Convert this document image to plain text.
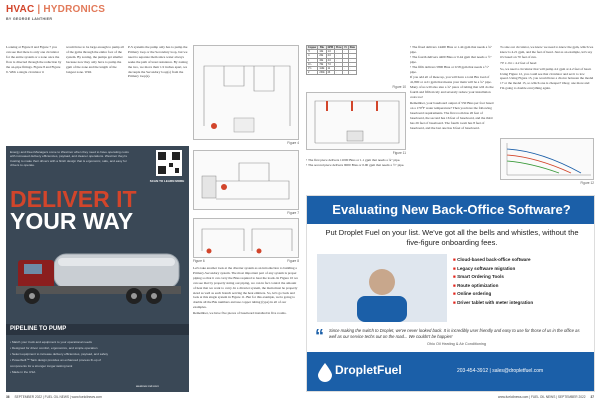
HVAC | HYDRONICS
BY GEORGE LANTHIER
Looking at Figure 6 and Figure 7 you can see that there is only one circulator for the entire system or a zone once the flow is directed through the reduction by the on-pipe fittings. Figure 8 and Figure 9. With a single circulator it
would have to be large enough to pump all of the gpms through the entire foot of the system. By zoning, the pumps get smaller because now they only have to pump the gpm of the zone and the length of the longest zone. With
P-S systems the pump only has to pump the Primary loop or the Secondary loop, but we need to separate them since water always seeks the path of least resistance. By zoning the two, we move their 1/2 inches apart, we decouple the Secondary loop(s) from the Primary loop(s).
Figure 4
Figure 7
Figure 6	Figure 8
Let's take another look at the diverter system as an introduction to building a Primary-Secondary system. The most important part of any system is proper piping so that it can carry the Btus required to heat the loads. In Figure 10 we can see that by properly sizing our piping, we can in fact control the amount of heat that we want to carry. In a diverter system, the main must be properly sized as well as each branch serving the heat emitters. So, let's go back and look at this single system in Figure 11. But for this example, we're going to double all the Btu numbers and use copper tubing (type) in all of our examples.
Remember, we have five pieces of baseboard installed in five rooms.
Energy and Fleet Managers come to Westmor when they need to have operating costs with increased delivery efficiencies, payload, and cleaner operations. Westmor they're trusting to make their drivers with a finish design that is ergonomic, safe, and easy for drivers to operate.
SCAN TO LEARN MORE
DELIVER IT
YOUR WAY
PIPELINE TO PUMP
• Match your truck and equipment to your operational needs
• Designed for driver comfort, ergonomics, and simple operation
• Select equipment to increase delivery efficiencies, payload, and safety
• Powerbuilt™ Tank design provides an enhanced process fit-up of
components for a stronger longer-lasting tank
• Made in the USA
westmor-ind.com
Copper	Btu	GPM	Flow	Ft	Rate
½	10k	1.0	.	.	.
¾	20k	2.0	.	.	.
1	40k	4.0	.	.	.
1¼	70k	7.0	.	.	.
1½	110k	11	.	.	.
2	230k	23	.	.	.
Figure 10
Figure 11
• The first piece delivers 11000 Btus or 1.1 gpm that needs a ¾" pipe.
• The second piece delivers 9000 Btus or 0.90 gpm that needs a ½" pipe.
• The fixed delivers 14400 Btus or 1.44 gpm that needs a ¾" pipe.
• The fourth delivers 4400 Btus or 0.44 gpm that needs a ½" pipe.
• The fifth delivers 5800 Btus or 0.58 gpm that needs a ½" pipe.
If you add all of these up, you will have a total Btu load of 41,800 or 4.21 gpm that means your main will be a ¾" pipe. Many of us will also size a ¾" piece of tubing that will do the fourth and fifth nicely and severely reduce your installation costs too!
Remember, your baseboard output of 550 Btus per foot based on a 170°F water temperature? Then you have the following baseboard requirements. The first room has 26 feet of baseboard, the second has 16 feet of baseboard, and the third has 26 feet of baseboard. The fourth room has 8 feet of baseboard, and the last one has 6 feet of baseboard.
To size our circulator, we know we need to know the gpm, which we know is 4.21 gpm, and the feet of head. Just as an example, let's say it's based on 70 feet of run.
70' x .04 = 4.2 feet of head
So, we need a circulator that will pump 4.2 gpm at 4.2 feet of head. Using Figure 12, you could see that circulator and set it to low speed. Using Figure 13, you would have a choice between the model 17 or the model 15, so which one is cheaper? Okay, one more and I'm going to double everything again.
Figure 12
Evaluating New Back-Office Software?
Put Droplet Fuel on your list. We've got all the bells and whistles, without the five-figure onboarding fees.
■ Cloud-based back-office software
■ Legacy software migration
■ Smart Ordering Tools
■ Route optimization
■ Online ordering
■ Driver tablet with meter integration
“ Since making the switch to Droplet, we've never looked back. It is incredibly user friendly and easy to use for those of us in the office as well as our service techs out on the road... We couldn't be happier!
Ohio Oil Heating & Air Conditioning
DropletFuel	203-454-3912 | sales@dropletfuel.com
36 SEPTEMBER 2022 | FUEL OIL NEWS | www.fueloilnews.com	www.fueloilnews.com | FUEL OIL NEWS | SEPTEMBER 2022 37
